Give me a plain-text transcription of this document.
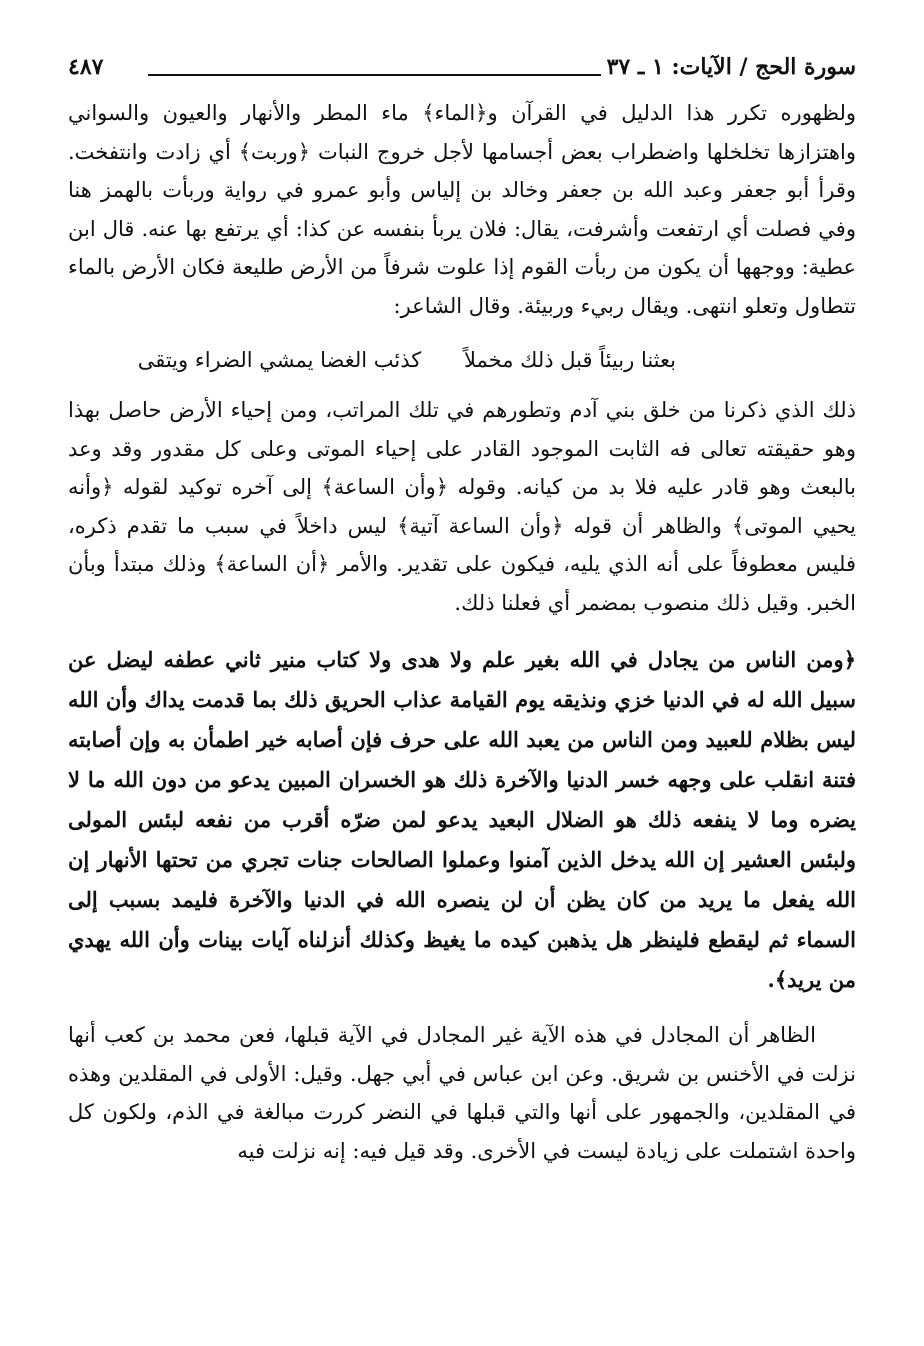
سورة الحج / الآيات: ١ ـ ٣٧
٤٨٧

ولظهوره تكرر هذا الدليل في القرآن و﴿الماء﴾ ماء المطر والأنهار والعيون والسواني واهتزازها تخلخلها واضطراب بعض أجسامها لأجل خروج النبات ﴿وربت﴾ أي زادت وانتفخت. وقرأ أبو جعفر وعبد الله بن جعفر وخالد بن إلياس وأبو عمرو في رواية وربأت بالهمز هنا وفي فصلت أي ارتفعت وأشرفت، يقال: فلان يربأ بنفسه عن كذا: أي يرتفع بها عنه. قال ابن عطية: ووجهها أن يكون من ربأت القوم إذا علوت شرفاً من الأرض طليعة فكان الأرض بالماء تتطاول وتعلو انتهى. ويقال ربيء وربيئة. وقال الشاعر:

بعثنا ربيئاً قبل ذلك مخملاً كذئب الغضا يمشي الضراء ويتقى

ذلك الذي ذكرنا من خلق بني آدم وتطورهم في تلك المراتب، ومن إحياء الأرض حاصل بهذا وهو حقيقته تعالى فه الثابت الموجود القادر على إحياء الموتى وعلى كل مقدور وقد وعد بالبعث وهو قادر عليه فلا بد من كيانه. وقوله ﴿وأن الساعة﴾ إلى آخره توكيد لقوله ﴿وأنه يحيي الموتى﴾ والظاهر أن قوله ﴿وأن الساعة آتية﴾ ليس داخلاً في سبب ما تقدم ذكره، فليس معطوفاً على أنه الذي يليه، فيكون على تقدير. والأمر ﴿أن الساعة﴾ وذلك مبتدأ وبأن الخبر. وقيل ذلك منصوب بمضمر أي فعلنا ذلك.

﴿ومن الناس من يجادل في الله بغير علم ولا هدى ولا كتاب منير ثاني عطفه ليضل عن سبيل الله له في الدنيا خزي ونذيقه يوم القيامة عذاب الحريق ذلك بما قدمت يداك وأن الله ليس بظلام للعبيد ومن الناس من يعبد الله على حرف فإن أصابه خير اطمأن به وإن أصابته فتنة انقلب على وجهه خسر الدنيا والآخرة ذلك هو الخسران المبين يدعو من دون الله ما لا يضره وما لا ينفعه ذلك هو الضلال البعيد يدعو لمن ضرّه أقرب من نفعه لبئس المولى ولبئس العشير إن الله يدخل الذين آمنوا وعملوا الصالحات جنات تجري من تحتها الأنهار إن الله يفعل ما يريد من كان يظن أن لن ينصره الله في الدنيا والآخرة فليمد بسبب إلى السماء ثم ليقطع فلينظر هل يذهبن كيده ما يغيظ وكذلك أنزلناه آيات بينات وأن الله يهدي من يريد﴾.

الظاهر أن المجادل في هذه الآية غير المجادل في الآية قبلها، فعن محمد بن كعب أنها نزلت في الأخنس بن شريق. وعن ابن عباس في أبي جهل. وقيل: الأولى في المقلدين وهذه في المقلدين، والجمهور على أنها والتي قبلها في النضر كررت مبالغة في الذم، ولكون كل واحدة اشتملت على زيادة ليست في الأخرى. وقد قيل فيه: إنه نزلت فيه
